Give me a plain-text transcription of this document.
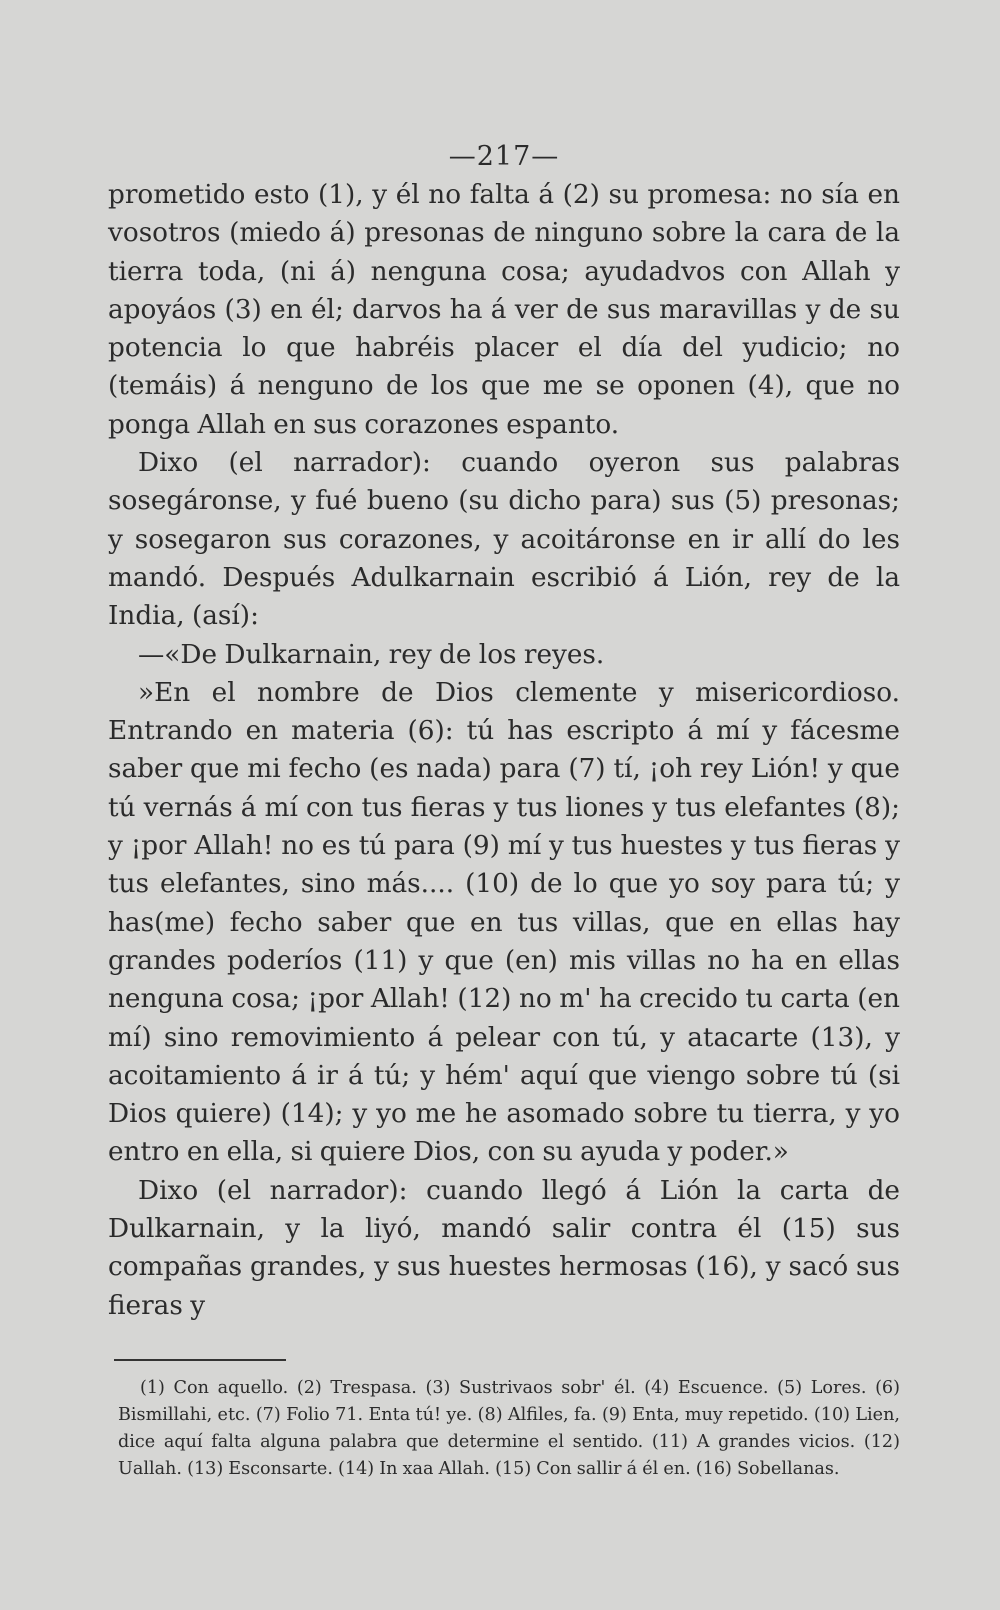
—217—

prometido esto (1), y él no falta á (2) su promesa: no sía en vosotros (miedo á) presonas de ninguno sobre la cara de la tierra toda, (ni á) nenguna cosa; ayudadvos con Allah y apoyáos (3) en él; darvos ha á ver de sus maravillas y de su potencia lo que habréis placer el día del yudicio; no (temáis) á nenguno de los que me se oponen (4), que no ponga Allah en sus corazones espanto.

Dixo (el narrador): cuando oyeron sus palabras sosegáronse, y fué bueno (su dicho para) sus (5) presonas; y sosegaron sus corazones, y acoitáronse en ir allí do les mandó. Después Adulkarnain escribió á Lión, rey de la India, (así):

—«De Dulkarnain, rey de los reyes.

»En el nombre de Dios clemente y misericordioso. Entrando en materia (6): tú has escripto á mí y fácesme saber que mi fecho (es nada) para (7) tí, ¡oh rey Lión! y que tú vernás á mí con tus fieras y tus liones y tus elefantes (8); y ¡por Allah! no es tú para (9) mí y tus huestes y tus fieras y tus elefantes, sino más.... (10) de lo que yo soy para tú; y has(me) fecho saber que en tus villas, que en ellas hay grandes poderíos (11) y que (en) mis villas no ha en ellas nenguna cosa; ¡por Allah! (12) no m' ha crecido tu carta (en mí) sino removimiento á pelear con tú, y atacarte (13), y acoitamiento á ir á tú; y hém' aquí que viengo sobre tú (si Dios quiere) (14); y yo me he asomado sobre tu tierra, y yo entro en ella, si quiere Dios, con su ayuda y poder.»

Dixo (el narrador): cuando llegó á Lión la carta de Dulkarnain, y la liyó, mandó salir contra él (15) sus compañas grandes, y sus huestes hermosas (16), y sacó sus fieras y

(1) Con aquello. (2) Trespasa. (3) Sustrivaos sobr' él. (4) Escuence. (5) Lores. (6) Bismillahi, etc. (7) Folio 71. Enta tú! ye. (8) Alfiles, fa. (9) Enta, muy repetido. (10) Lien, dice aquí falta alguna palabra que determine el sentido. (11) A grandes vicios. (12) Uallah. (13) Esconsarte. (14) In xaa Allah. (15) Con sallir á él en. (16) Sobellanas.
